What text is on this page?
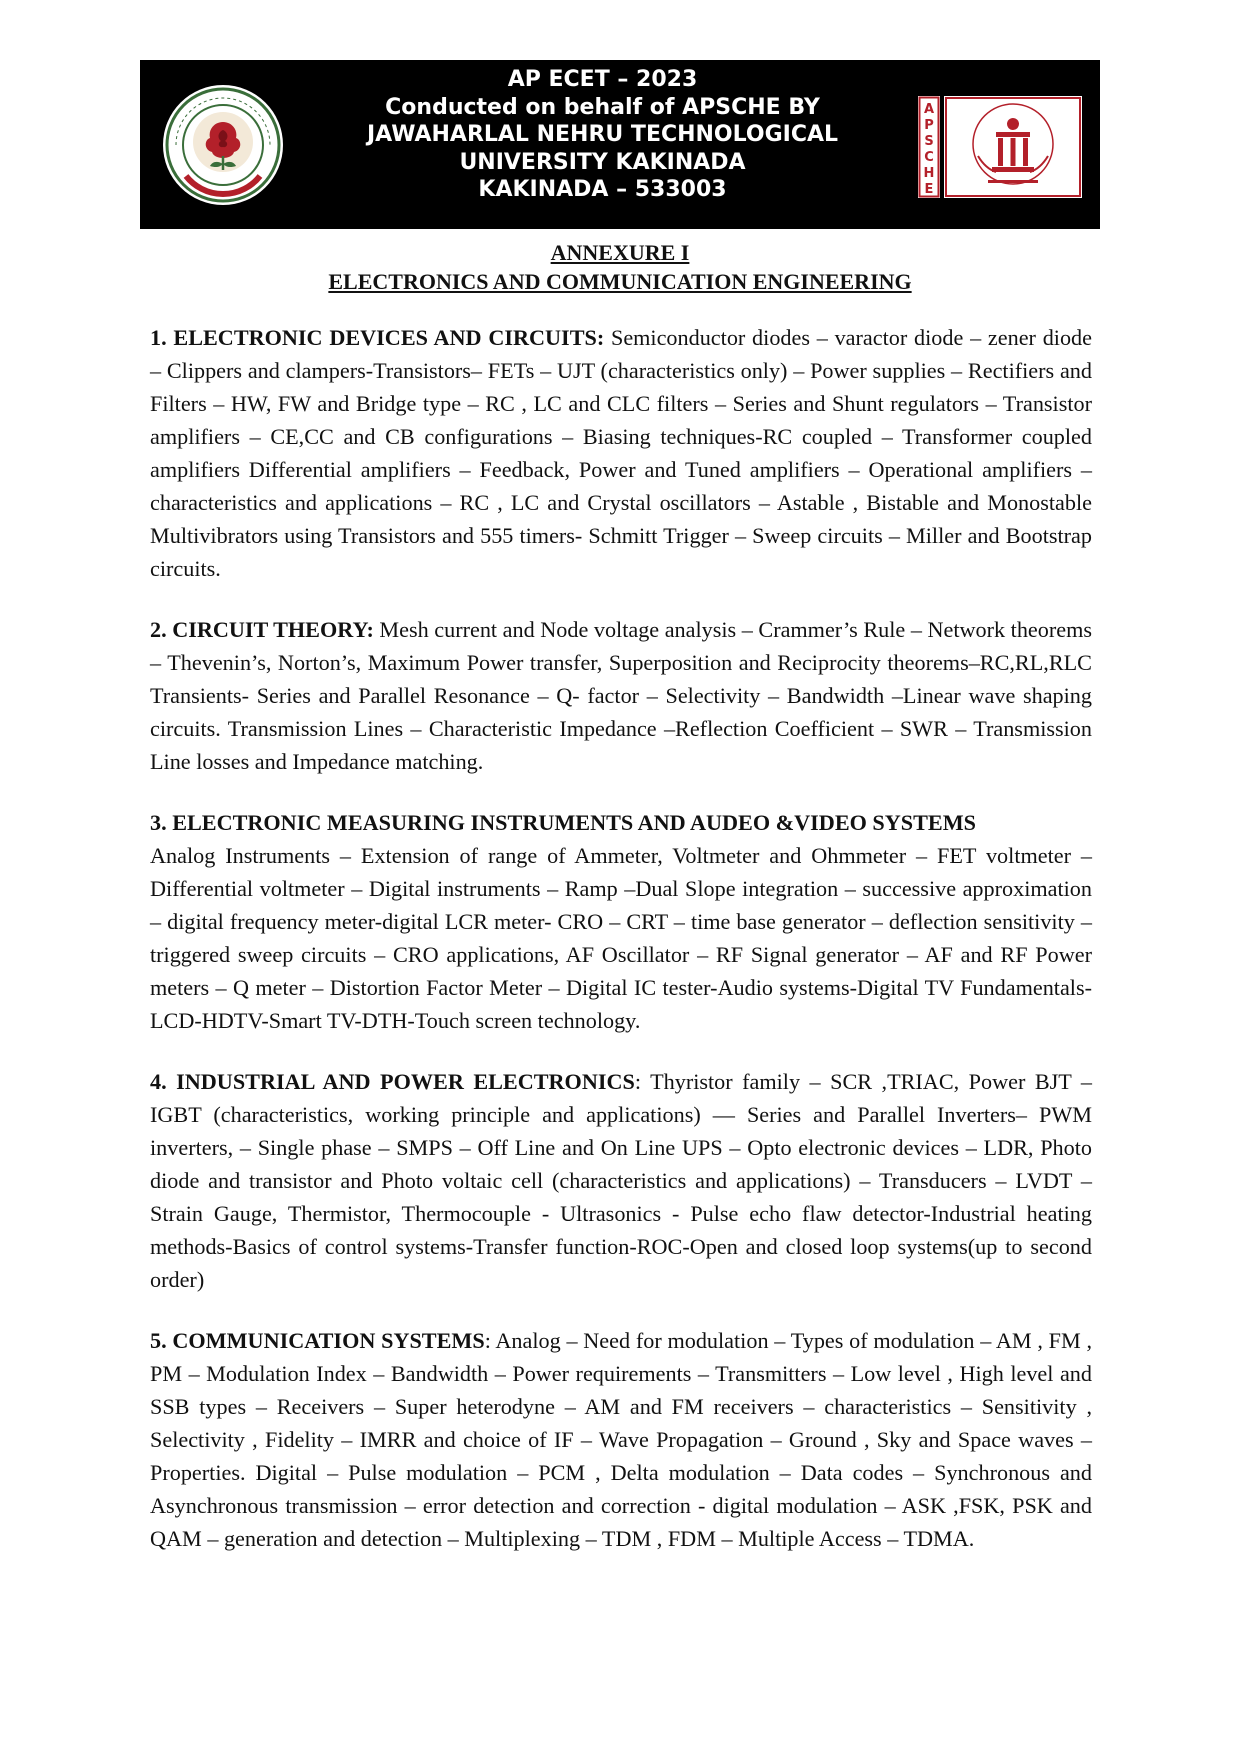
AP ECET – 2023
Conducted on behalf of APSCHE BY
JAWAHARLAL NEHRU TECHNOLOGICAL
UNIVERSITY KAKINADA
KAKINADA – 533003
A
P
S
C
H
E
ANNEXURE I
ELECTRONICS AND COMMUNICATION ENGINEERING

1. ELECTRONIC DEVICES AND CIRCUITS: Semiconductor diodes – varactor diode – zener diode – Clippers and clampers-Transistors– FETs – UJT (characteristics only) – Power supplies – Rectifiers and Filters – HW, FW and Bridge type – RC , LC and CLC filters – Series and Shunt regulators – Transistor amplifiers – CE,CC and CB configurations – Biasing techniques-RC coupled – Transformer coupled amplifiers Differential amplifiers – Feedback, Power and Tuned amplifiers – Operational amplifiers – characteristics and applications – RC , LC and Crystal oscillators – Astable , Bistable and Monostable Multivibrators using Transistors and 555 timers- Schmitt Trigger – Sweep circuits – Miller and Bootstrap circuits.

2. CIRCUIT THEORY: Mesh current and Node voltage analysis – Crammer’s Rule – Network theorems – Thevenin’s, Norton’s, Maximum Power transfer, Superposition and Reciprocity theorems–RC,RL,RLC Transients- Series and Parallel Resonance – Q- factor – Selectivity – Bandwidth –Linear wave shaping circuits. Transmission Lines – Characteristic Impedance –Reflection Coefficient – SWR – Transmission Line losses and Impedance matching.

3. ELECTRONIC MEASURING INSTRUMENTS AND AUDEO &VIDEO SYSTEMS
Analog Instruments – Extension of range of Ammeter, Voltmeter and Ohmmeter – FET voltmeter – Differential voltmeter – Digital instruments – Ramp –Dual Slope integration – successive approximation – digital frequency meter-digital LCR meter- CRO – CRT – time base generator – deflection sensitivity – triggered sweep circuits – CRO applications, AF Oscillator – RF Signal generator – AF and RF Power meters – Q meter – Distortion Factor Meter – Digital IC tester-Audio systems-Digital TV Fundamentals-LCD-HDTV-Smart TV-DTH-Touch screen technology.

4. INDUSTRIAL AND POWER ELECTRONICS: Thyristor family – SCR ,TRIAC, Power BJT –IGBT (characteristics, working principle and applications) — Series and Parallel Inverters– PWM inverters, – Single phase – SMPS – Off Line and On Line UPS – Opto electronic devices – LDR, Photo diode and transistor and Photo voltaic cell (characteristics and applications) – Transducers – LVDT – Strain Gauge, Thermistor, Thermocouple - Ultrasonics - Pulse echo flaw detector-Industrial heating methods-Basics of control systems-Transfer function-ROC-Open and closed loop systems(up to second order)

5. COMMUNICATION SYSTEMS: Analog – Need for modulation – Types of modulation – AM , FM , PM – Modulation Index – Bandwidth – Power requirements – Transmitters – Low level , High level and SSB types – Receivers – Super heterodyne – AM and FM receivers – characteristics – Sensitivity , Selectivity , Fidelity – IMRR and choice of IF – Wave Propagation – Ground , Sky and Space waves – Properties. Digital – Pulse modulation – PCM , Delta modulation – Data codes – Synchronous and Asynchronous transmission – error detection and correction - digital modulation – ASK ,FSK, PSK and QAM – generation and detection – Multiplexing – TDM , FDM – Multiple Access – TDMA.
